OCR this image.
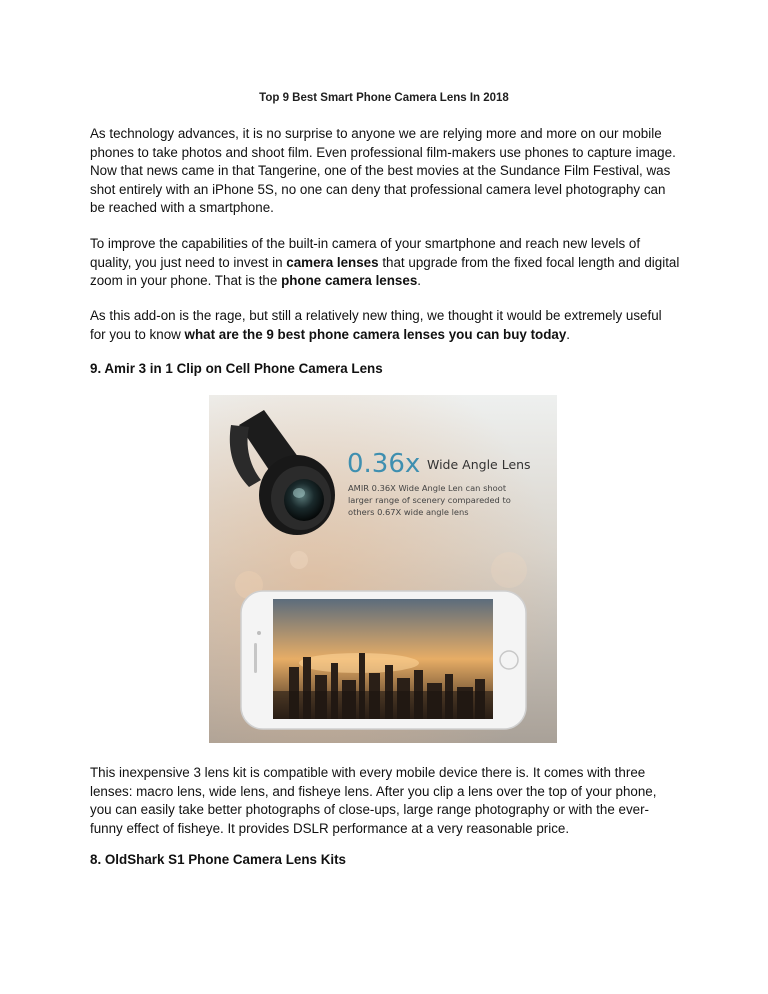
Top 9 Best Smart Phone Camera Lens In 2018
As technology advances, it is no surprise to anyone we are relying more and more on our mobile phones to take photos and shoot film. Even professional film-makers use phones to capture image. Now that news came in that Tangerine, one of the best movies at the Sundance Film Festival, was shot entirely with an iPhone 5S, no one can deny that professional camera level photography can be reached with a smartphone.
To improve the capabilities of the built-in camera of your smartphone and reach new levels of quality, you just need to invest in camera lenses that upgrade from the fixed focal length and digital zoom in your phone. That is the phone camera lenses.
As this add-on is the rage, but still a relatively new thing, we thought it would be extremely useful for you to know what are the 9 best phone camera lenses you can buy today.
9. Amir 3 in 1 Clip on Cell Phone Camera Lens
0.36x Wide Angle Lens
AMIR 0.36X Wide Angle Len can shoot
larger range of scenery compareded to
others 0.67X wide angle lens
This inexpensive 3 lens kit is compatible with every mobile device there is. It comes with three lenses: macro lens, wide lens, and fisheye lens. After you clip a lens over the top of your phone, you can easily take better photographs of close-ups, large range photography or with the ever-funny effect of fisheye. It provides DSLR performance at a very reasonable price.
8. OldShark S1 Phone Camera Lens Kits
